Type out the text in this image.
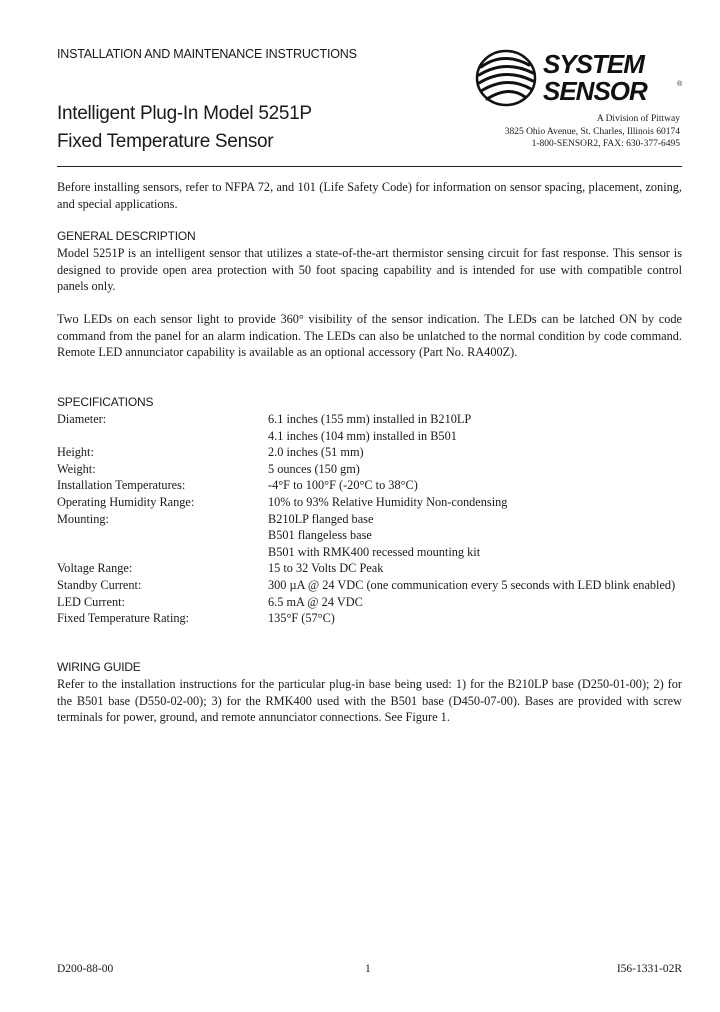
INSTALLATION AND MAINTENANCE INSTRUCTIONS
Intelligent Plug-In Model 5251P
Fixed Temperature Sensor
SYSTEM
SENSOR	®
A Division of Pittway
3825 Ohio Avenue, St. Charles, Illinois 60174
1-800-SENSOR2, FAX: 630-377-6495
Before installing sensors, refer to NFPA 72, and 101 (Life Safety Code) for information on sensor spacing, placement, zoning, and special applications.
GENERAL DESCRIPTION
Model 5251P is an intelligent sensor that utilizes a state-of-the-art thermistor sensing circuit for fast response. This sensor is designed to provide open area protection with 50 foot spacing capability and is intended for use with compatible control panels only.
Two LEDs on each sensor light to provide 360° visibility of the sensor indication. The LEDs can be latched ON by code command from the panel for an alarm indication. The LEDs can also be unlatched to the normal condition by code command. Remote LED annunciator capability is available as an optional accessory (Part No. RA400Z).
SPECIFICATIONS
Diameter:	6.1 inches (155 mm) installed in B210LP
4.1 inches (104 mm) installed in B501
Height:	2.0 inches (51 mm)
Weight:	5 ounces (150 gm)
Installation Temperatures:	-4°F to 100°F (-20°C to 38°C)
Operating Humidity Range:	10% to 93% Relative Humidity Non-condensing
Mounting:	B210LP flanged base
B501 flangeless base
B501 with RMK400 recessed mounting kit
Voltage Range:	15 to 32 Volts DC Peak
Standby Current:	300 µA @ 24 VDC (one communication every 5 seconds with LED blink enabled)
LED Current:	6.5 mA @ 24 VDC
Fixed Temperature Rating:	135°F (57°C)
WIRING GUIDE
Refer to the installation instructions for the particular plug-in base being used: 1) for the B210LP base (D250-01-00); 2) for the B501 base (D550-02-00); 3) for the RMK400 used with the B501 base (D450-07-00). Bases are provided with screw terminals for power, ground, and remote annunciator connections. See Figure 1.
D200-88-00	1	I56-1331-02R
